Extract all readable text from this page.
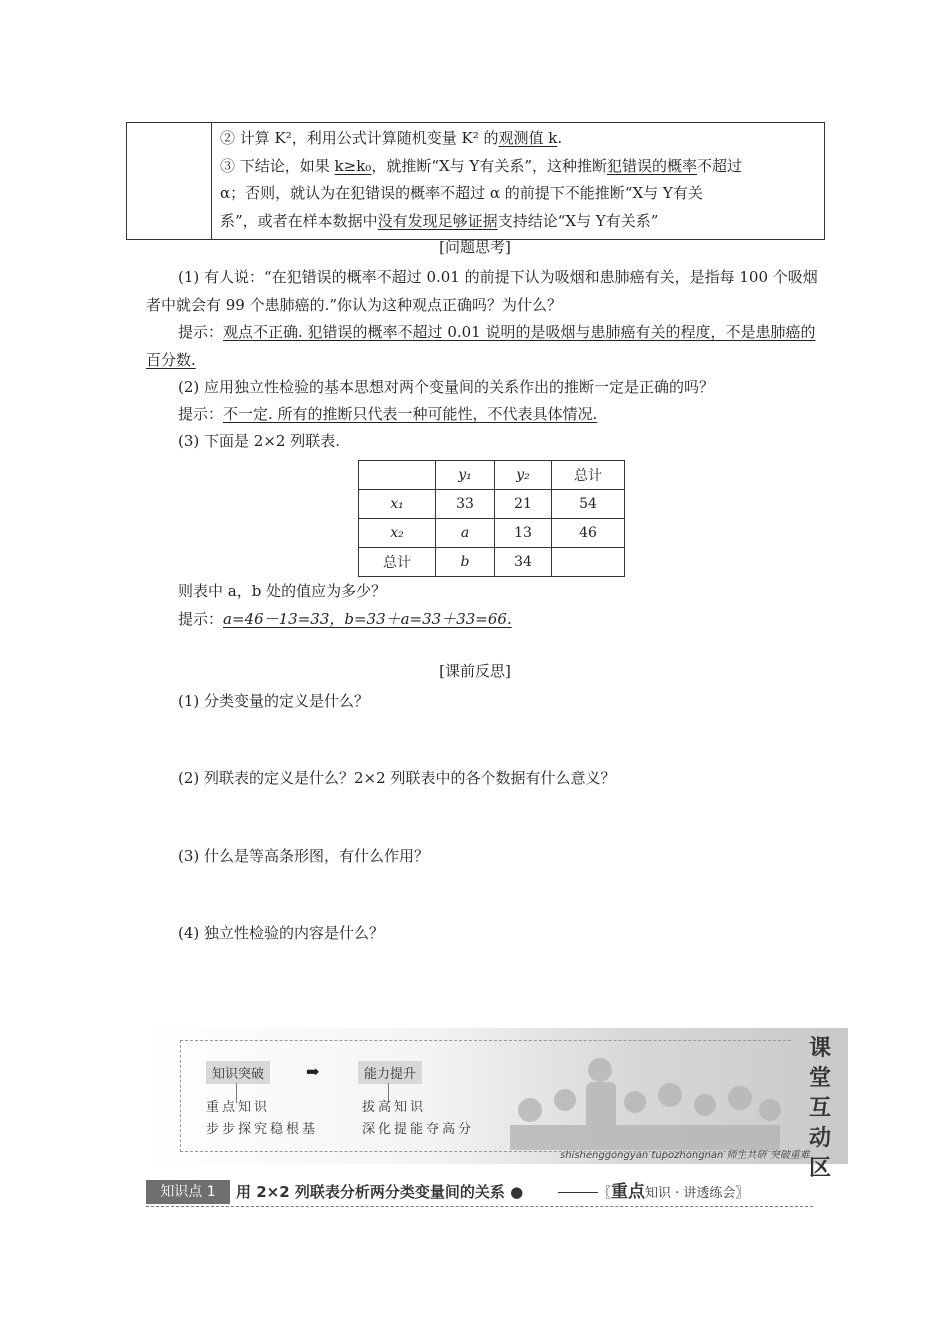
② 计算 K²，利用公式计算随机变量 K² 的观测值 k.
③ 下结论，如果 k≥k₀，就推断“X与 Y有关系”，这种推断犯错误的概率不超过
α；否则，就认为在犯错误的概率不超过 α 的前提下不能推断“X与 Y有关
系”，或者在样本数据中没有发现足够证据支持结论“X与 Y有关系”
[问题思考]
(1) 有人说：“在犯错误的概率不超过 0.01 的前提下认为吸烟和患肺癌有关，是指每 100 个吸烟者中就会有 99 个患肺癌的.”你认为这种观点正确吗？为什么？
提示：观点不正确. 犯错误的概率不超过 0.01 说明的是吸烟与患肺癌有关的程度，不是患肺癌的百分数.
(2) 应用独立性检验的基本思想对两个变量间的关系作出的推断一定是正确的吗？
提示：不一定. 所有的推断只代表一种可能性，不代表具体情况.
(3) 下面是 2×2 列联表.
	y₁	y₂	总计
x₁	33	21	54
x₂	a	13	46
总计	b	34	
则表中 a，b 处的值应为多少？
提示：a=46－13=33，b=33＋a=33＋33=66.
[课前反思]
(1) 分类变量的定义是什么？
(2) 列联表的定义是什么？2×2 列联表中的各个数据有什么意义？
(3) 什么是等高条形图，有什么作用？
(4) 独立性检验的内容是什么？
知识突破	➡	能力提升
重点知识
步步探究稳根基
拔高知识
深化提能夺高分
课
堂
互
动
区
shishenggongyan tupozhongnan 师生共研 突破重难
知识点 1	用 2×2 列联表分析两分类变量间的关系 ●	〖重点知识 · 讲透练会〗
